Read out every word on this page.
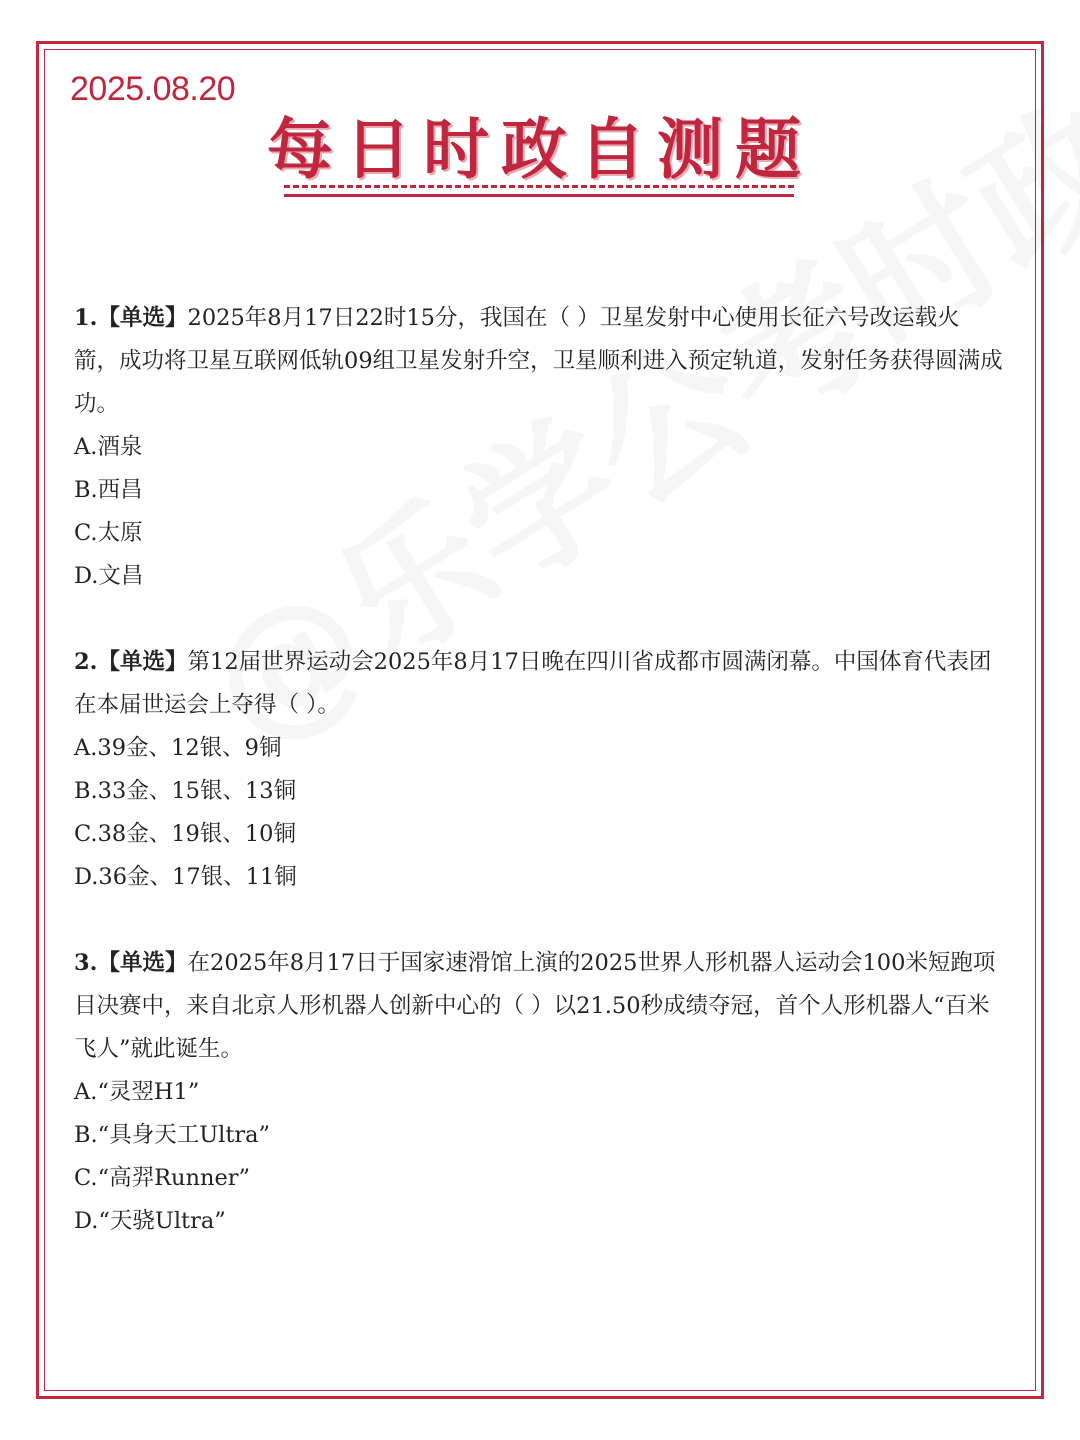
2025.08.20
每日时政自测题

1.【单选】2025年8月17日22时15分，我国在（ ）卫星发射中心使用长征六号改运载火箭，成功将卫星互联网低轨09组卫星发射升空，卫星顺利进入预定轨道，发射任务获得圆满成功。

A.酒泉

B.西昌

C.太原

D.文昌

2.【单选】第12届世界运动会2025年8月17日晚在四川省成都市圆满闭幕。中国体育代表团在本届世运会上夺得（ ）。

A.39金、12银、9铜

B.33金、15银、13铜

C.38金、19银、10铜

D.36金、17银、11铜

3.【单选】在2025年8月17日于国家速滑馆上演的2025世界人形机器人运动会100米短跑项目决赛中，来自北京人形机器人创新中心的（ ）以21.50秒成绩夺冠，首个人形机器人“百米飞人”就此诞生。

A.“灵翌H1”

B.“具身天工Ultra”

C.“高羿Runner”

D.“天骁Ultra”
